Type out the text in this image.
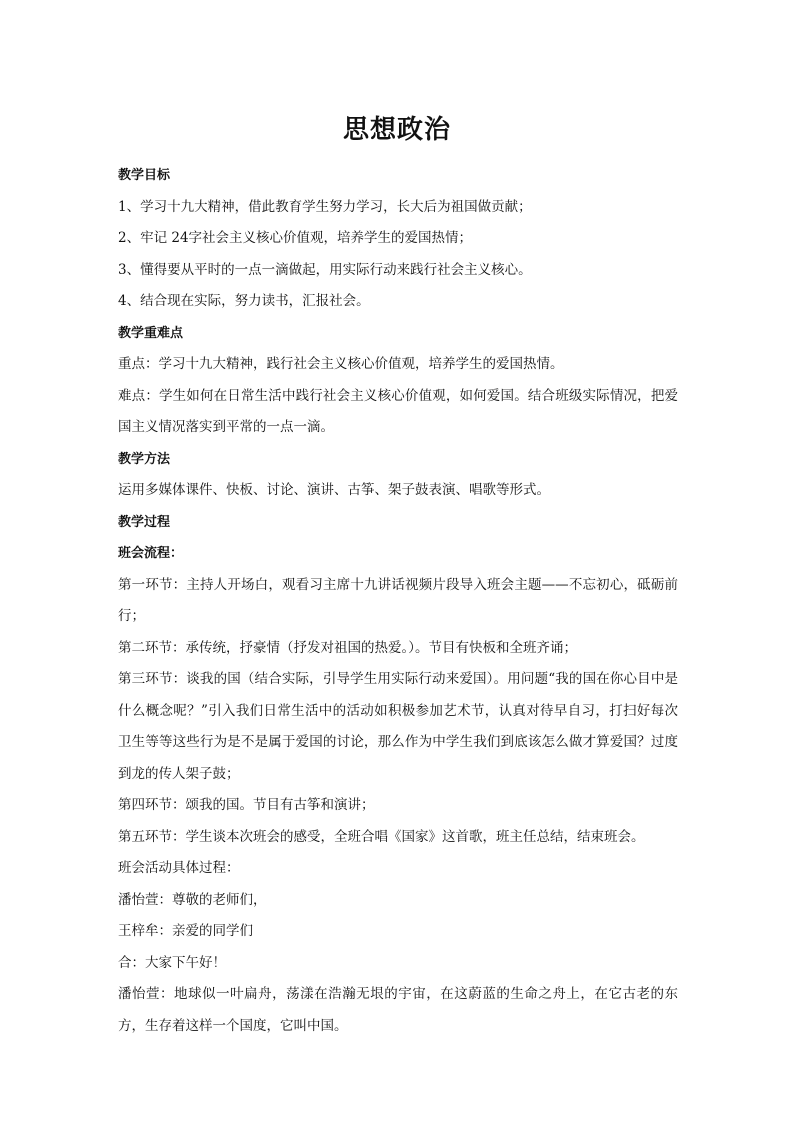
思想政治
教学目标
1、学习十九大精神，借此教育学生努力学习，长大后为祖国做贡献；
2、牢记 24字社会主义核心价值观，培养学生的爱国热情；
3、懂得要从平时的一点一滴做起，用实际行动来践行社会主义核心。
4、结合现在实际，努力读书，汇报社会。
教学重难点
重点：学习十九大精神，践行社会主义核心价值观，培养学生的爱国热情。
难点：学生如何在日常生活中践行社会主义核心价值观，如何爱国。结合班级实际情况，把爱国主义情况落实到平常的一点一滴。
教学方法
运用多媒体课件、快板、讨论、演讲、古筝、架子鼓表演、唱歌等形式。
教学过程
班会流程：
第一环节：主持人开场白，观看习主席十九讲话视频片段导入班会主题——不忘初心，砥砺前行；
第二环节：承传统，抒豪情（抒发对祖国的热爱。）。节目有快板和全班齐诵；
第三环节：谈我的国（结合实际，引导学生用实际行动来爱国）。用问题“我的国在你心目中是什么概念呢？”引入我们日常生活中的活动如积极参加艺术节，认真对待早自习，打扫好每次卫生等等这些行为是不是属于爱国的讨论，那么作为中学生我们到底该怎么做才算爱国？过度到龙的传人架子鼓；
第四环节：颂我的国。节目有古筝和演讲；
第五环节：学生谈本次班会的感受，全班合唱《国家》这首歌，班主任总结，结束班会。
班会活动具体过程：
潘怡萱：尊敬的老师们，
王梓牟：亲爱的同学们
合：大家下午好！
潘怡萱：地球似一叶扁舟，荡漾在浩瀚无垠的宇宙，在这蔚蓝的生命之舟上，在它古老的东方，生存着这样一个国度，它叫中国。
